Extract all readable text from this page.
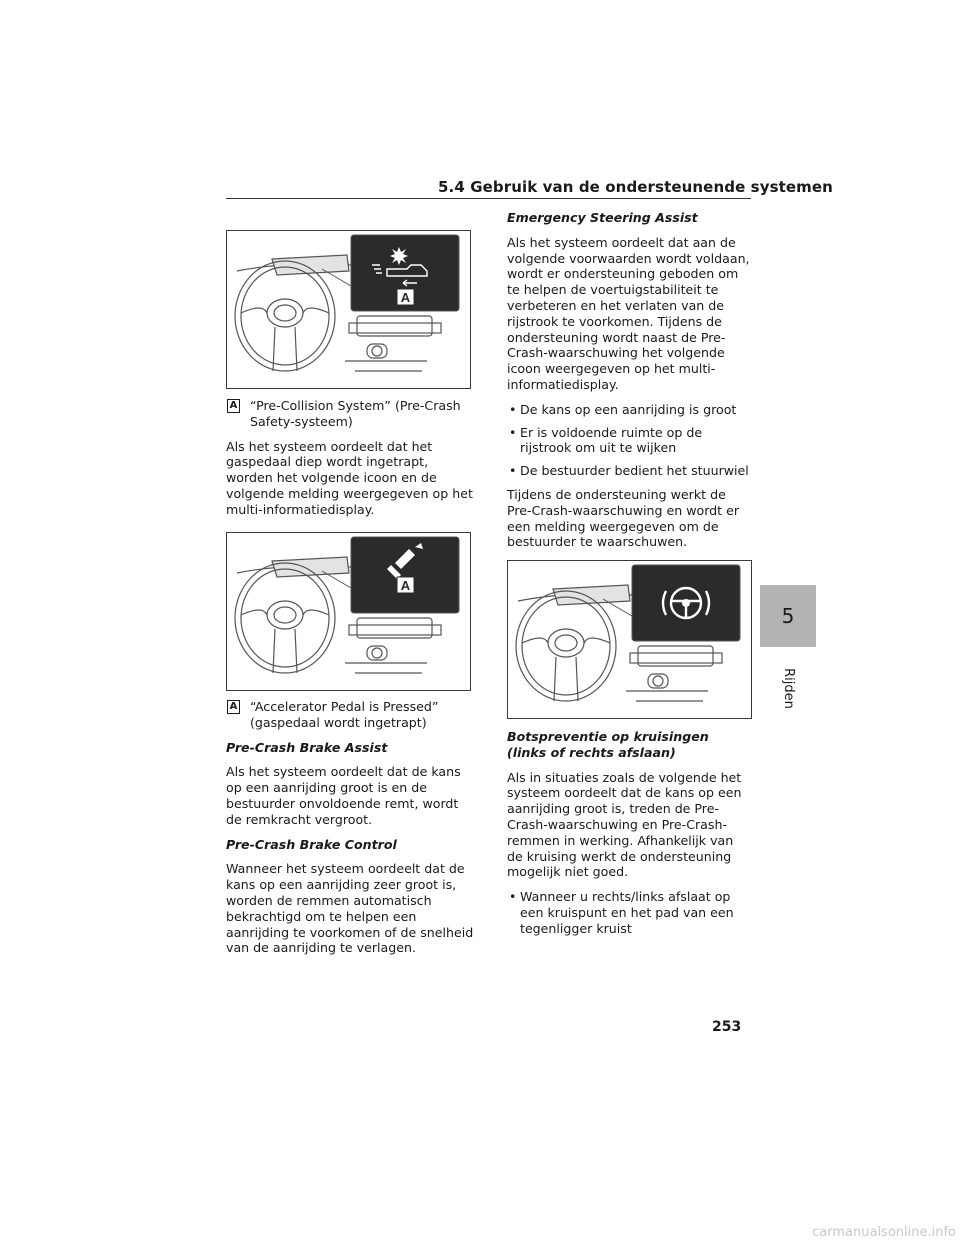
5.4 Gebruik van de ondersteunende systemen
5
Rijden
A
A “Pre-Collision System” (Pre-Crash Safety-systeem)

Als het systeem oordeelt dat het gaspedaal diep wordt ingetrapt, worden het volgende icoon en de volgende melding weergegeven op het multi-informatiedisplay.

A
A “Accelerator Pedal is Pressed” (gaspedaal wordt ingetrapt)

Pre-Crash Brake Assist

Als het systeem oordeelt dat de kans op een aanrijding groot is en de bestuurder onvoldoende remt, wordt de remkracht vergroot.

Pre-Crash Brake Control

Wanneer het systeem oordeelt dat de kans op een aanrijding zeer groot is, worden de remmen automatisch bekrachtigd om te helpen een aanrijding te voorkomen of de snelheid van de aanrijding te verlagen.

Emergency Steering Assist

Als het systeem oordeelt dat aan de volgende voorwaarden wordt voldaan, wordt er ondersteuning geboden om te helpen de voertuigstabiliteit te verbeteren en het verlaten van de rijstrook te voorkomen. Tijdens de ondersteuning wordt naast de Pre-Crash-waarschuwing het volgende icoon weergegeven op het multi-informatiedisplay.

• De kans op een aanrijding is groot
• Er is voldoende ruimte op de rijstrook om uit te wijken
• De bestuurder bedient het stuurwiel

Tijdens de ondersteuning werkt de Pre-Crash-waarschuwing en wordt er een melding weergegeven om de bestuurder te waarschuwen.

Botspreventie op kruisingen (links of rechts afslaan)

Als in situaties zoals de volgende het systeem oordeelt dat de kans op een aanrijding groot is, treden de Pre-Crash-waarschuwing en Pre-Crash-remmen in werking. Afhankelijk van de kruising werkt de ondersteuning mogelijk niet goed.

• Wanneer u rechts/links afslaat op een kruispunt en het pad van een tegenligger kruist
253
carmanualsonline.info
